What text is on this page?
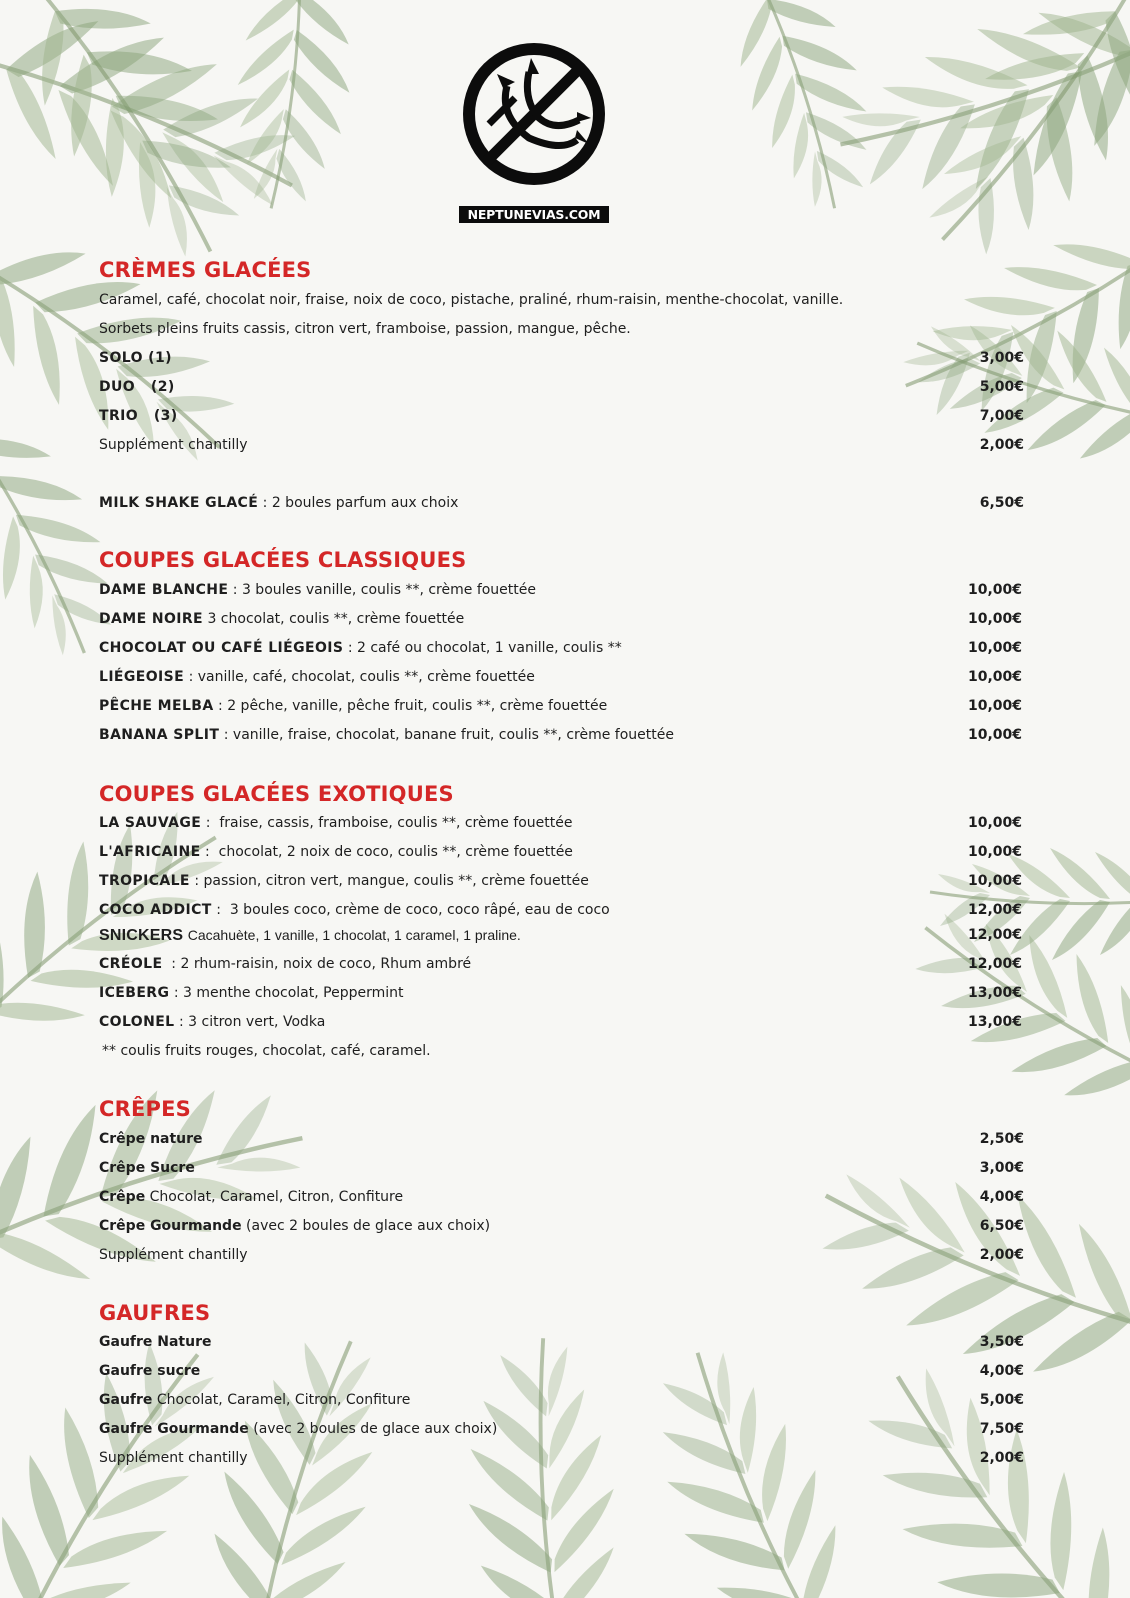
NEPTUNEVIAS.COM
CRÈMES GLACÉES
Caramel, café, chocolat noir, fraise, noix de coco, pistache, praliné, rhum-raisin, menthe-chocolat, vanille.
Sorbets pleins fruits cassis, citron vert, framboise, passion, mangue, pêche.
SOLO (1)	3,00€
DUO   (2)	5,00€
TRIO   (3)	7,00€
Supplément chantilly	2,00€
MILK SHAKE GLACÉ : 2 boules parfum aux choix	6,50€
COUPES GLACÉES CLASSIQUES
DAME BLANCHE : 3 boules vanille, coulis **, crème fouettée	10,00€
DAME NOIRE 3 chocolat, coulis **, crème fouettée	10,00€
CHOCOLAT OU CAFÉ LIÉGEOIS : 2 café ou chocolat, 1 vanille, coulis **	10,00€
LIÉGEOISE : vanille, café, chocolat, coulis **, crème fouettée	10,00€
PÊCHE MELBA : 2 pêche, vanille, pêche fruit, coulis **, crème fouettée	10,00€
BANANA SPLIT : vanille, fraise, chocolat, banane fruit, coulis **, crème fouettée	10,00€
COUPES GLACÉES EXOTIQUES
LA SAUVAGE :  fraise, cassis, framboise, coulis **, crème fouettée	10,00€
L'AFRICAINE :  chocolat, 2 noix de coco, coulis **, crème fouettée	10,00€
TROPICALE : passion, citron vert, mangue, coulis **, crème fouettée	10,00€
COCO ADDICT :  3 boules coco, crème de coco, coco râpé, eau de coco	12,00€
SNICKERS Cacahuète, 1 vanille, 1 chocolat, 1 caramel, 1 praline.	12,00€
CRÉOLE  : 2 rhum-raisin, noix de coco, Rhum ambré	12,00€
ICEBERG : 3 menthe chocolat, Peppermint	13,00€
COLONEL : 3 citron vert, Vodka	13,00€
** coulis fruits rouges, chocolat, café, caramel.
CRÊPES
Crêpe nature	2,50€
Crêpe Sucre	3,00€
Crêpe Chocolat, Caramel, Citron, Confiture	4,00€
Crêpe Gourmande (avec 2 boules de glace aux choix)	6,50€
Supplément chantilly	2,00€
GAUFRES
Gaufre Nature	3,50€
Gaufre sucre	4,00€
Gaufre Chocolat, Caramel, Citron, Confiture	5,00€
Gaufre Gourmande (avec 2 boules de glace aux choix)	7,50€
Supplément chantilly	2,00€
